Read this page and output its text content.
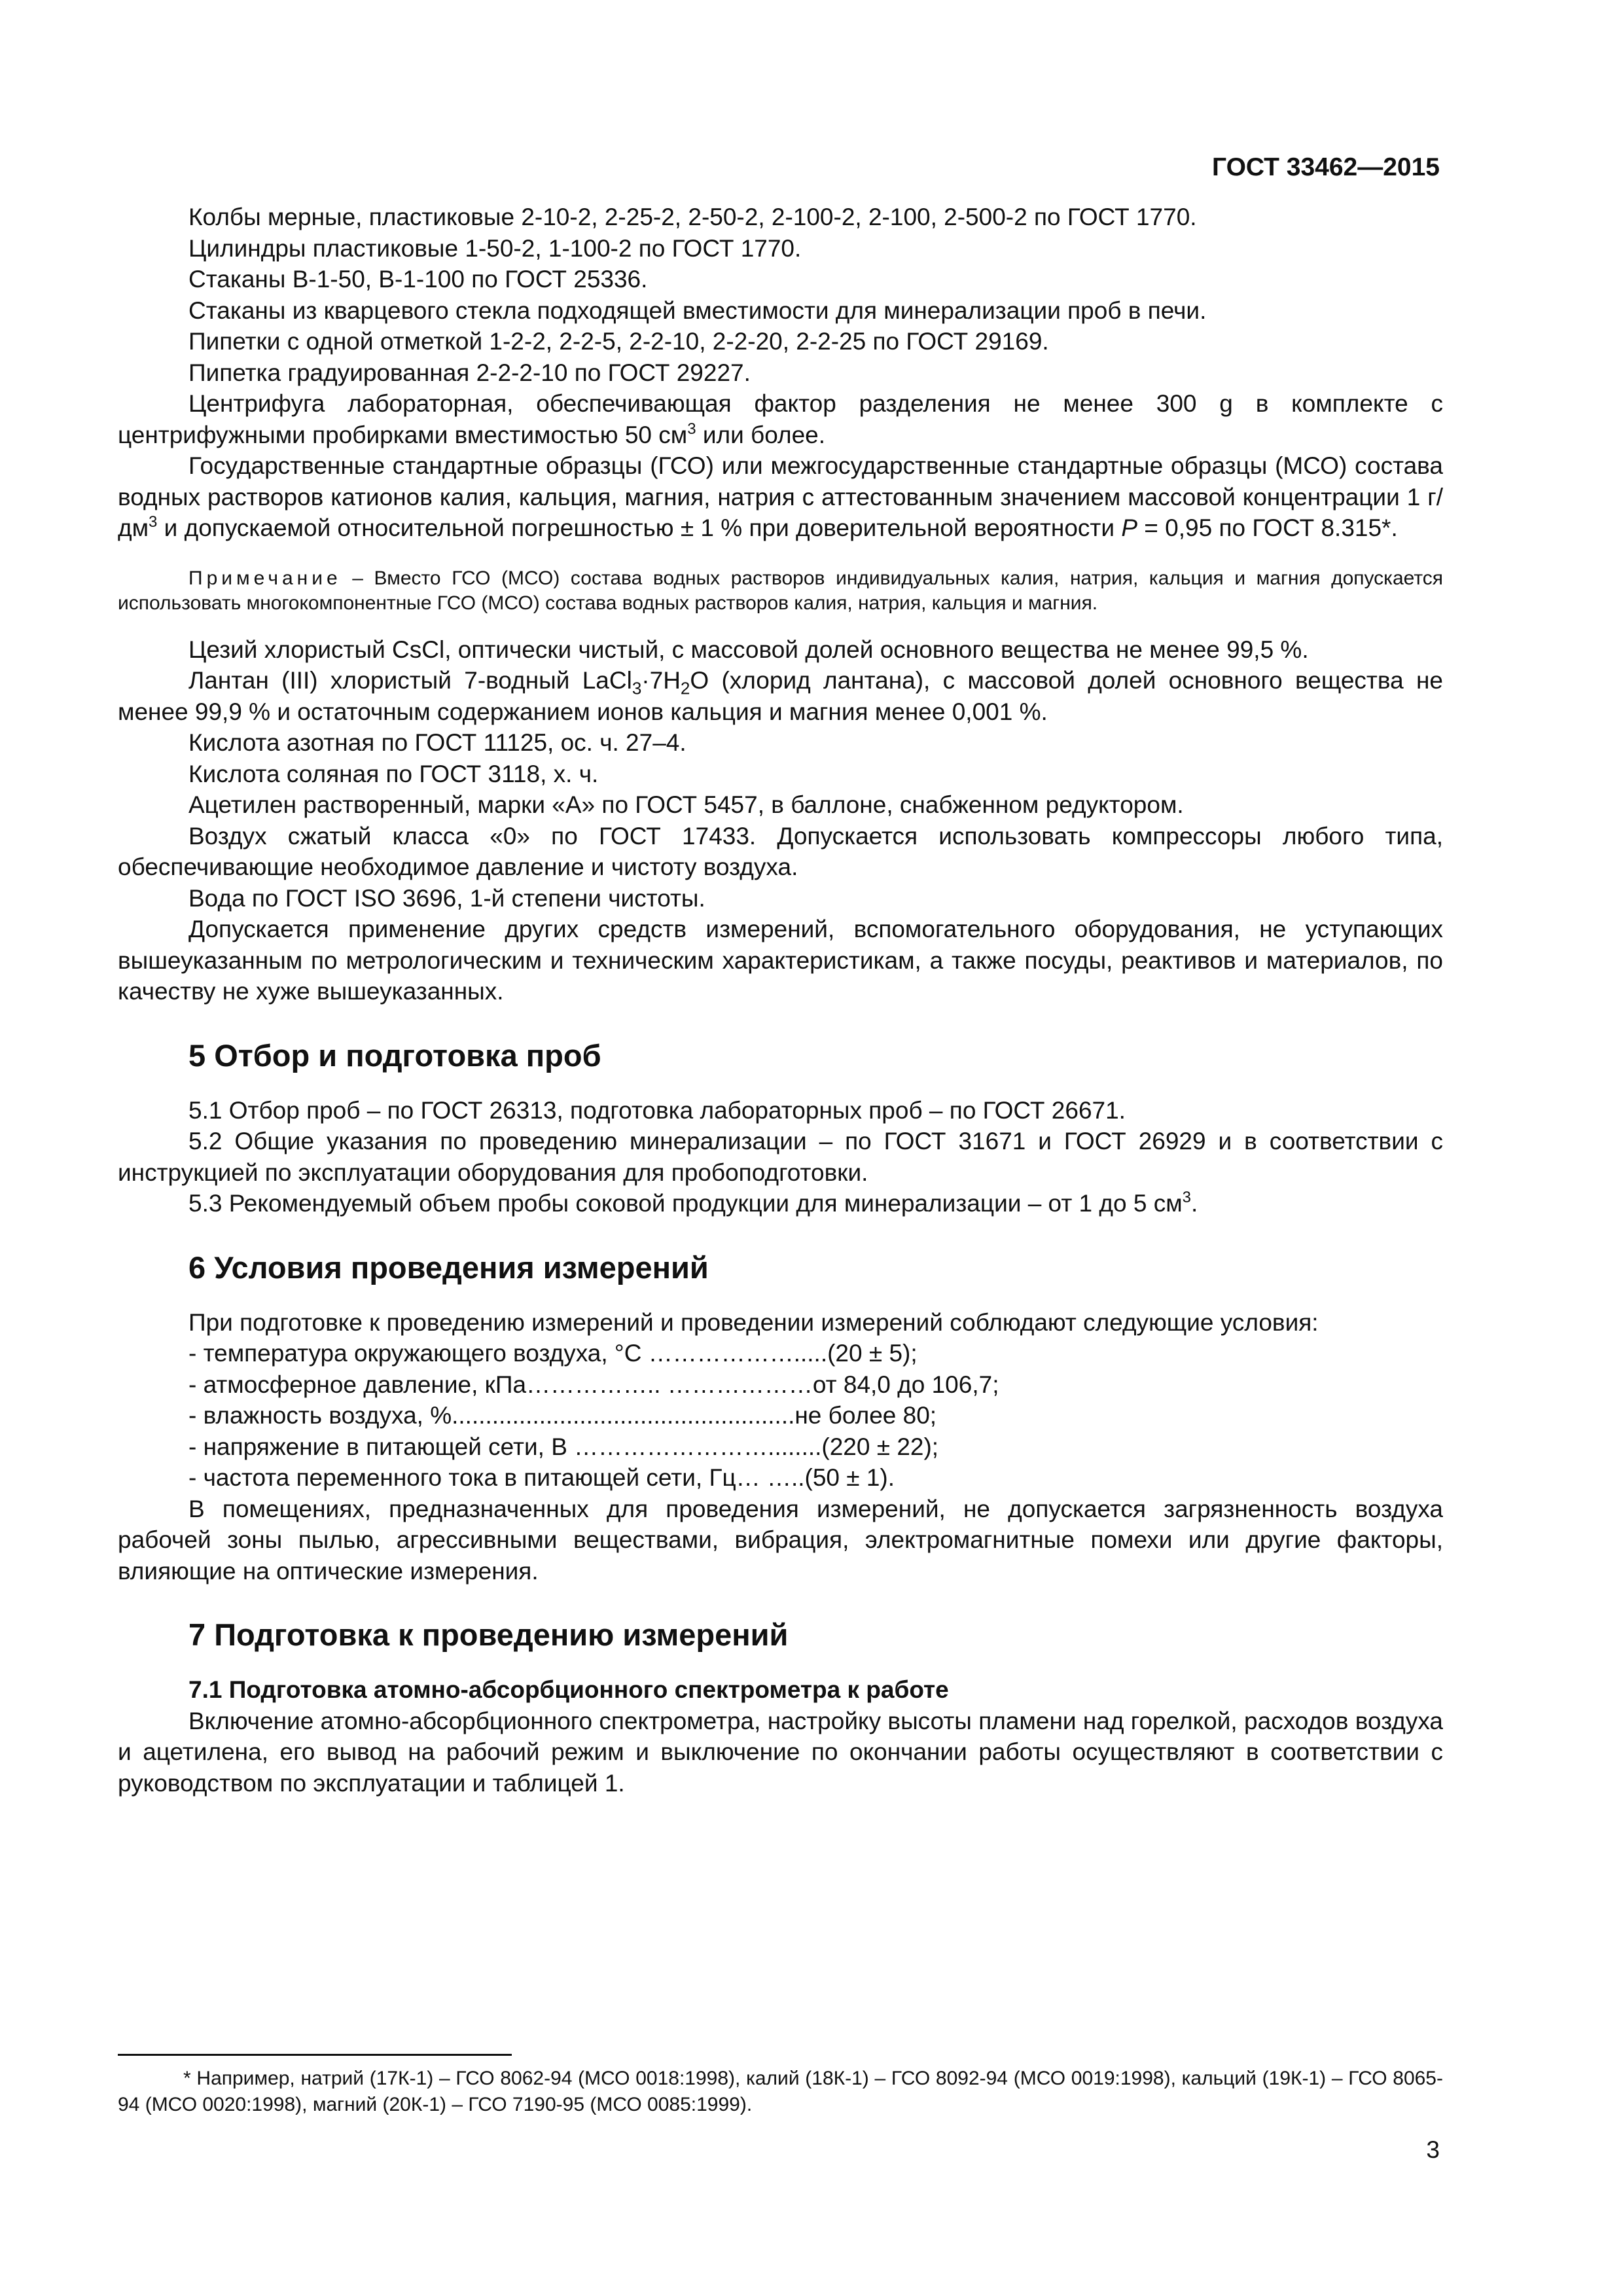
ГОСТ 33462—2015

Колбы мерные, пластиковые 2-10-2, 2-25-2, 2-50-2, 2-100-2, 2-100, 2-500-2 по ГОСТ 1770.

Цилиндры пластиковые 1-50-2, 1-100-2 по ГОСТ 1770.

Стаканы В-1-50, В-1-100 по ГОСТ 25336.

Стаканы из кварцевого стекла подходящей вместимости для минерализации проб в печи.

Пипетки с одной отметкой 1-2-2, 2-2-5, 2-2-10, 2-2-20, 2-2-25 по ГОСТ 29169.

Пипетка градуированная 2-2-2-10 по ГОСТ 29227.

Центрифуга лабораторная, обеспечивающая фактор разделения не менее 300 g в комплекте с центрифужными пробирками вместимостью 50 $см^3$ или более.

Государственные стандартные образцы (ГСО) или межгосударственные стандартные образцы (МСО) состава водных растворов катионов калия, кальция, магния, натрия с аттестованным значением массовой концентрации 1 $г/дм^3$ и допускаемой относительной погрешностью ± 1 % при доверительной вероятности Р = 0,95 по ГОСТ 8.315*.

Примечание – Вместо ГСО (МСО) состава водных растворов индивидуальных калия, натрия, кальция и магния допускается использовать многокомпонентные ГСО (МСО) состава водных растворов калия, натрия, кальция и магния.

Цезий хлористый CsCl, оптически чистый, с массовой долей основного вещества не менее 99,5 %.

Лантан (III) хлористый 7-водный $LaCl_3\cdot 7H_2O$ (хлорид лантана), с массовой долей основного вещества не менее 99,9 % и остаточным содержанием ионов кальция и магния менее 0,001 %.

Кислота азотная по ГОСТ 11125, ос. ч. 27–4.

Кислота соляная по ГОСТ 3118, х. ч.

Ацетилен растворенный, марки «А» по ГОСТ 5457, в баллоне, снабженном редуктором.

Воздух сжатый класса «0» по ГОСТ 17433. Допускается использовать компрессоры любого типа, обеспечивающие необходимое давление и чистоту воздуха.

Вода по ГОСТ ISO 3696, 1-й степени чистоты.

Допускается применение других средств измерений, вспомогательного оборудования, не уступающих вышеуказанным по метрологическим и техническим характеристикам, а также посуды, реактивов и материалов, по качеству не хуже вышеуказанных.

5 Отбор и подготовка проб

5.1 Отбор проб – по ГОСТ 26313, подготовка лабораторных проб – по ГОСТ 26671.

5.2 Общие указания по проведению минерализации – по ГОСТ 31671 и ГОСТ 26929 и в соответствии с инструкцией по эксплуатации оборудования для пробоподготовки.

5.3 Рекомендуемый объем пробы соковой продукции для минерализации – от 1 до 5 $см^3$.

6 Условия проведения измерений

При подготовке к проведению измерений и проведении измерений соблюдают следующие условия:

- температура окружающего воздуха, °С ……………….....(20 ± 5);

- атмосферное давление, кПа…………….. ………………от 84,0 до 106,7;

- влажность воздуха, %...................................................не более 80;

- напряжение в питающей сети, В ……………………........(220 ± 22);

- частота переменного тока в питающей сети, Гц… …..(50 ± 1).

В помещениях, предназначенных для проведения измерений, не допускается загрязненность воздуха рабочей зоны пылью, агрессивными веществами, вибрация, электромагнитные помехи или другие факторы, влияющие на оптические измерения.

7 Подготовка к проведению измерений
7.1 Подготовка атомно-абсорбционного спектрометра к работе

Включение атомно-абсорбционного спектрометра, настройку высоты пламени над горелкой, расходов воздуха и ацетилена, его вывод на рабочий режим и выключение по окончании работы осуществляют в соответствии с руководством по эксплуатации и таблицей 1.

* Например, натрий (17К-1) – ГСО 8062-94 (МСО 0018:1998), калий (18К-1) – ГСО 8092-94 (МСО 0019:1998), кальций (19К-1) – ГСО 8065-94 (МСО 0020:1998), магний (20К-1) – ГСО 7190-95 (МСО 0085:1999).

3
